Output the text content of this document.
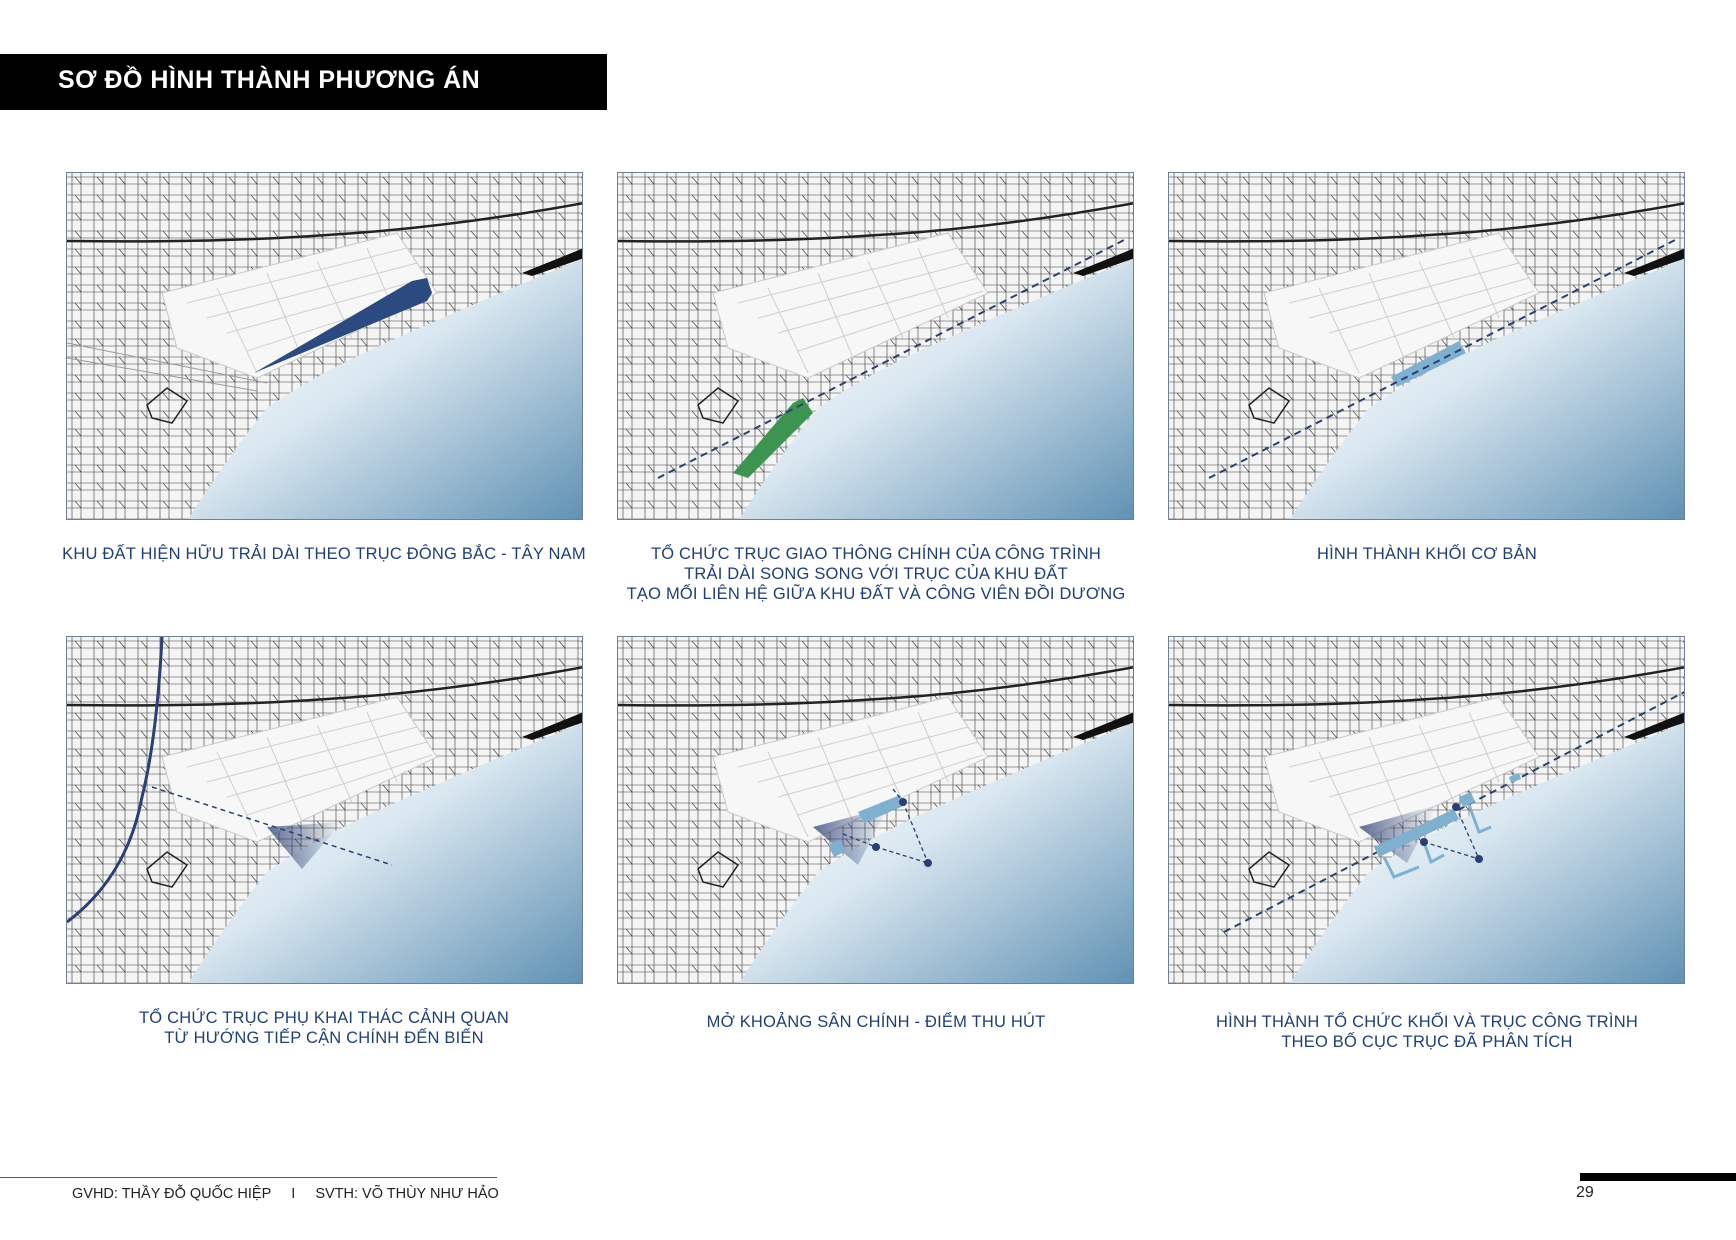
SƠ ĐỒ HÌNH THÀNH PHƯƠNG ÁN
KHU ĐẤT HIỆN HỮU TRẢI DÀI THEO TRỤC ĐÔNG BẮC - TÂY NAM	TỔ CHỨC TRỤC GIAO THÔNG CHÍNH CỦA CÔNG TRÌNH
TRẢI DÀI SONG SONG VỚI TRỤC CỦA KHU ĐẤT
TẠO MỐI LIÊN HỆ GIỮA KHU ĐẤT VÀ CÔNG VIÊN ĐỒI DƯƠNG
HÌNH THÀNH KHỐI CƠ BẢN
TỔ CHỨC TRỤC PHỤ KHAI THÁC CẢNH QUAN
TỪ HƯỚNG TIẾP CẬN CHÍNH ĐẾN BIỂN
MỞ KHOẢNG SÂN CHÍNH - ĐIỂM THU HÚT	HÌNH THÀNH TỔ CHỨC KHỐI VÀ TRỤC CÔNG TRÌNH
THEO BỐ CỤC TRỤC ĐÃ PHÂN TÍCH
GVHD: THẦY ĐỖ QUỐC HIỆP I SVTH: VÕ THÙY NHƯ HẢO	29
